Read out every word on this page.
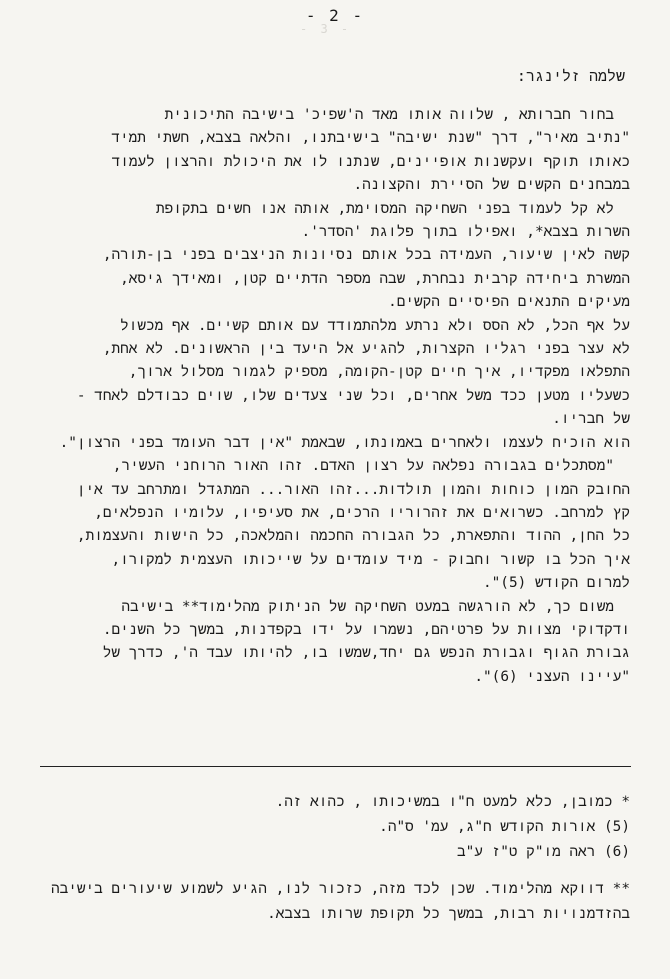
- 2 -
- 3 -
שלמה זלינגר:
בחור חברותא , שלווה אותו מאד ה'שפיכ' בישיבה התיכונית
"נתיב מאיר", דרך "שנת ישיבה" בישיבתנו, והלאה בצבא, חשתי תמיד
כאותו תוקף ועקשנות אופיינים, שנתנו לו את היכולת והרצון לעמוד
במבחנים הקשים של הסיירת והקצונה.
לא קל לעמוד בפני השחיקה המסוימת, אותה אנו חשים בתקופת
השרות בצבא*, ואפילו בתוך פלוגת 'הסדר'.
קשה לאין שיעור, העמידה בכל אותם נסיונות הניצבים בפני בן-תורה,
המשרת ביחידה קרבית נבחרת, שבה מספר הדתיים קטן, ומאידך גיסא,
מעיקים התנאים הפיסיים הקשים.
על אף הכל, לא הסס ולא נרתע מלהתמודד עם אותם קשיים. אף מכשול
לא עצר בפני רגליו הקצרות, להגיע אל היעד בין הראשונים. לא אחת,
התפלאו מפקדיו, איך חיים קטן-הקומה, מספיק לגמור מסלול ארוך,
כשעליו מטען ככד משל אחרים, וכל שני צעדים שלו, שוים כבודלם לאחד -
של חבריו.
הוא הוכיח לעצמו ולאחרים באמונתו, שבאמת "אין דבר העומד בפני הרצון".
"מסתכלים בגבורה נפלאה על רצון האדם. זהו האור הרוחני העשיר,
החובק המון כוחות והמון תולדות...זהו האור... המתגדל ומתרחב עד אין
קץ למרחב. כשרואים את זהרוריו הרכים, את סעיפיו, עלומיו הנפלאים,
כל החן, ההוד והתפארת, כל הגבורה החכמה והמלאכה, כל הישות והעצמות,
איך הכל בו קשור וחבוק - מיד עומדים על שייכותו העצמית למקורו,
למרום הקודש (5)".
משום כך, לא הורגשה במעט השחיקה של הניתוק מהלימוד** בישיבה
ודקדוקי מצוות על פרטיהם, נשמרו על ידו בקפדנות, במשך כל השנים.
גבורת הגוף וגבורת הנפש גם יחד,שמשו בו, להיותו עבד ה', כדרך של
"עיינו העצני (6)".
* כמובן, כלא למעט ח"ו במשיכותו , כהוא זה.
(5) אורות הקודש ח"ג, עמ' ס"ה.
(6) ראה מו"ק ט"ז ע"ב
** דווקא מהלימוד. שכן לכד מזה, כזכור לנו, הגיע לשמוע שיעורים בישיבה
בהזדמנויות רבות, במשך כל תקופת שרותו בצבא.
